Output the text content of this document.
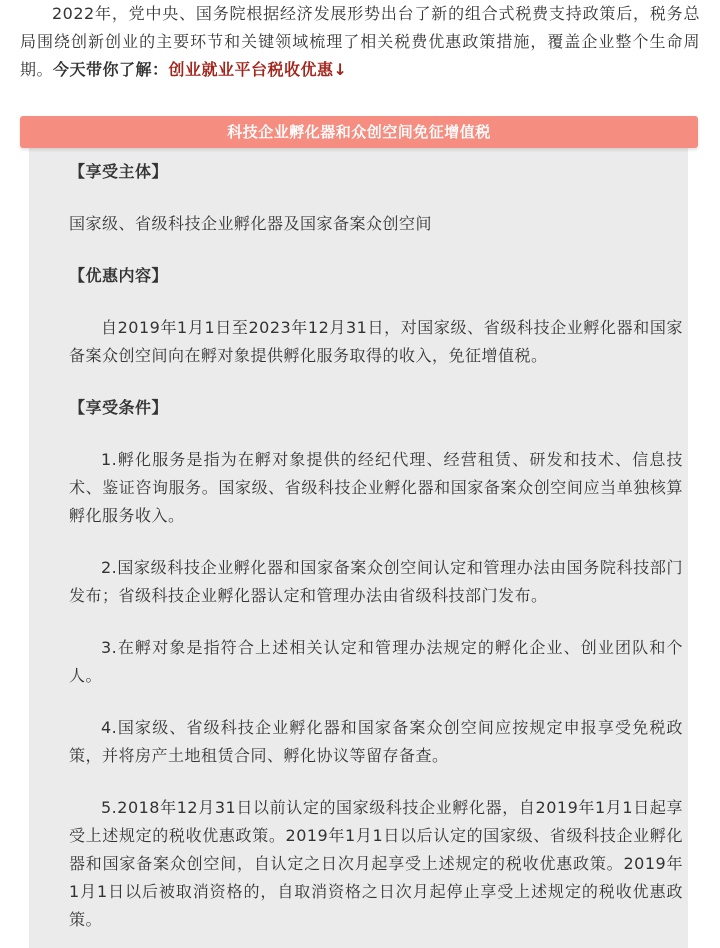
2022年，党中央、国务院根据经济发展形势出台了新的组合式税费支持政策后，税务总局围绕创新创业的主要环节和关键领域梳理了相关税费优惠政策措施，覆盖企业整个生命周期。今天带你了解：创业就业平台税收优惠↓

科技企业孵化器和众创空间免征增值税

【享受主体】

国家级、省级科技企业孵化器及国家备案众创空间

【优惠内容】

自2019年1月1日至2023年12月31日，对国家级、省级科技企业孵化器和国家备案众创空间向在孵对象提供孵化服务取得的收入，免征增值税。

【享受条件】

1.孵化服务是指为在孵对象提供的经纪代理、经营租赁、研发和技术、信息技术、鉴证咨询服务。国家级、省级科技企业孵化器和国家备案众创空间应当单独核算孵化服务收入。

2.国家级科技企业孵化器和国家备案众创空间认定和管理办法由国务院科技部门发布；省级科技企业孵化器认定和管理办法由省级科技部门发布。

3.在孵对象是指符合上述相关认定和管理办法规定的孵化企业、创业团队和个人。

4.国家级、省级科技企业孵化器和国家备案众创空间应按规定申报享受免税政策，并将房产土地租赁合同、孵化协议等留存备查。

5.2018年12月31日以前认定的国家级科技企业孵化器，自2019年1月1日起享受上述规定的税收优惠政策。2019年1月1日以后认定的国家级、省级科技企业孵化器和国家备案众创空间，自认定之日次月起享受上述规定的税收优惠政策。2019年1月1日以后被取消资格的，自取消资格之日次月起停止享受上述规定的税收优惠政策。
